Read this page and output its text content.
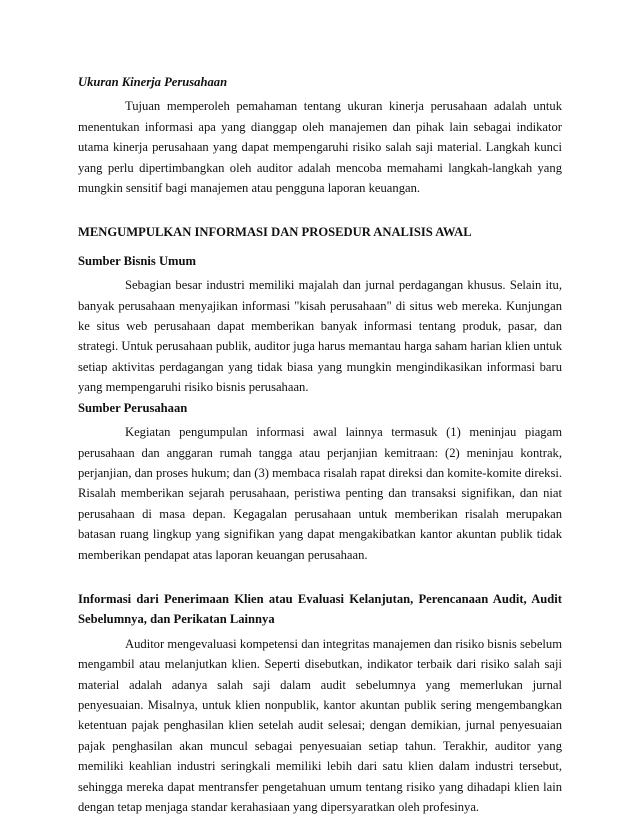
Ukuran Kinerja Perusahaan

Tujuan memperoleh pemahaman tentang ukuran kinerja perusahaan adalah untuk menentukan informasi apa yang dianggap oleh manajemen dan pihak lain sebagai indikator utama kinerja perusahaan yang dapat mempengaruhi risiko salah saji material. Langkah kunci yang perlu dipertimbangkan oleh auditor adalah mencoba memahami langkah-langkah yang mungkin sensitif bagi manajemen atau pengguna laporan keuangan.

MENGUMPULKAN INFORMASI DAN PROSEDUR ANALISIS AWAL

Sumber Bisnis Umum

Sebagian besar industri memiliki majalah dan jurnal perdagangan khusus. Selain itu, banyak perusahaan menyajikan informasi "kisah perusahaan" di situs web mereka. Kunjungan ke situs web perusahaan dapat memberikan banyak informasi tentang produk, pasar, dan strategi. Untuk perusahaan publik, auditor juga harus memantau harga saham harian klien untuk setiap aktivitas perdagangan yang tidak biasa yang mungkin mengindikasikan informasi baru yang mempengaruhi risiko bisnis perusahaan.

Sumber Perusahaan

Kegiatan pengumpulan informasi awal lainnya termasuk (1) meninjau piagam perusahaan dan anggaran rumah tangga atau perjanjian kemitraan: (2) meninjau kontrak, perjanjian, dan proses hukum; dan (3) membaca risalah rapat direksi dan komite-komite direksi. Risalah memberikan sejarah perusahaan, peristiwa penting dan transaksi signifikan, dan niat perusahaan di masa depan. Kegagalan perusahaan untuk memberikan risalah merupakan batasan ruang lingkup yang signifikan yang dapat mengakibatkan kantor akuntan publik tidak memberikan pendapat atas laporan keuangan perusahaan.

Informasi dari Penerimaan Klien atau Evaluasi Kelanjutan, Perencanaan Audit, Audit Sebelumnya, dan Perikatan Lainnya

Auditor mengevaluasi kompetensi dan integritas manajemen dan risiko bisnis sebelum mengambil atau melanjutkan klien. Seperti disebutkan, indikator terbaik dari risiko salah saji material adalah adanya salah saji dalam audit sebelumnya yang memerlukan jurnal penyesuaian. Misalnya, untuk klien nonpublik, kantor akuntan publik sering mengembangkan ketentuan pajak penghasilan klien setelah audit selesai; dengan demikian, jurnal penyesuaian pajak penghasilan akan muncul sebagai penyesuaian setiap tahun. Terakhir, auditor yang memiliki keahlian industri seringkali memiliki lebih dari satu klien dalam industri tersebut, sehingga mereka dapat mentransfer pengetahuan umum tentang risiko yang dihadapi klien lain dengan tetap menjaga standar kerahasiaan yang dipersyaratkan oleh profesinya.
